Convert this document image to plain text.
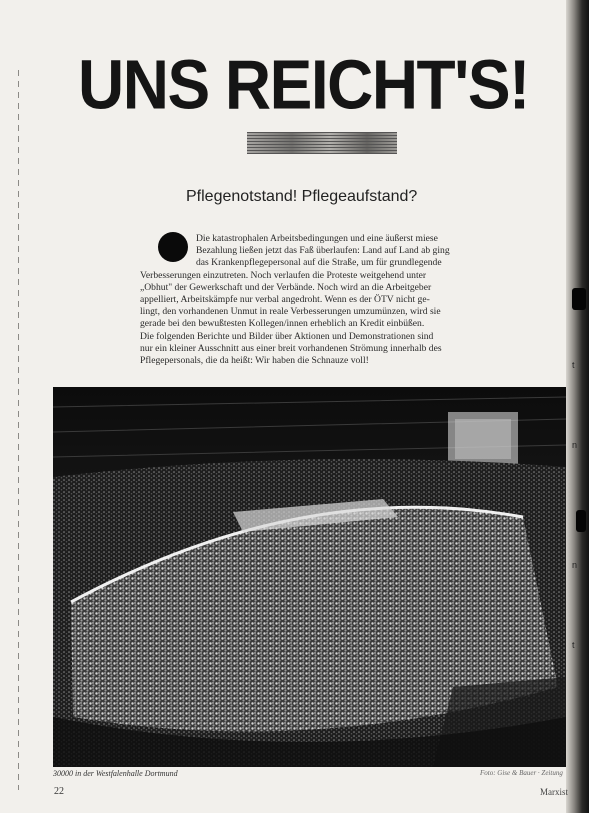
UNS REICHT'S!
Pflegenotstand! Pflegeaufstand?
Die katastrophalen Arbeitsbedingungen und eine äußerst miese
Bezahlung ließen jetzt das Faß überlaufen: Land auf Land ab ging
das Krankenpflegepersonal auf die Straße, um für grundlegende
Verbesserungen einzutreten. Noch verlaufen die Proteste weitgehend unter
„Obhut" der Gewerkschaft und der Verbände. Noch wird an die Arbeitgeber
appelliert, Arbeitskämpfe nur verbal angedroht. Wenn es der ÖTV nicht ge-
lingt, den vorhandenen Unmut in reale Verbesserungen umzumünzen, wird sie
gerade bei den bewußtesten Kollegen/innen erheblich an Kredit einbüßen.
Die folgenden Berichte und Bilder über Aktionen und Demonstrationen sind
nur ein kleiner Ausschnitt aus einer breit vorhandenen Strömung innerhalb des
Pflegepersonals, die da heißt: Wir haben die Schnauze voll!
30000 in der Westfalenhalle Dortmund	Foto: Gise & Bauer · Zeitung
22
t
n
n
t
Marxist
